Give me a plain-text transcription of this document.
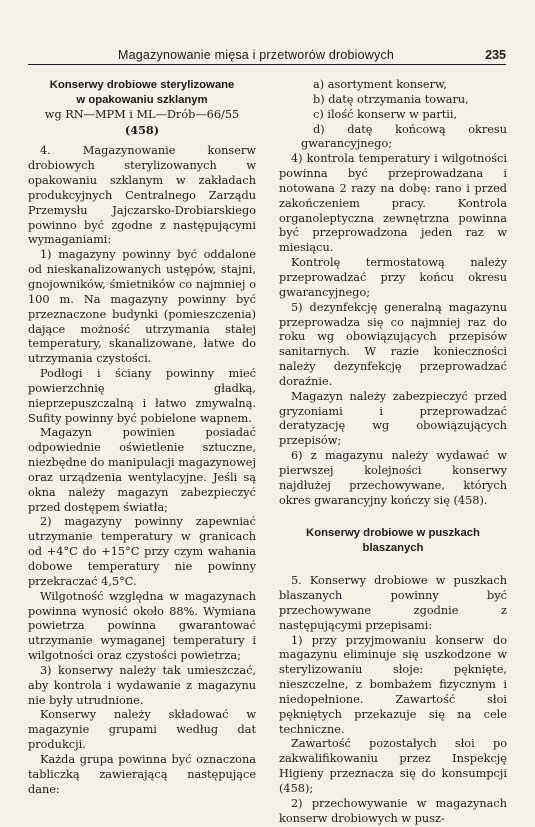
Magazynowanie mięsa i przetworów drobiowych	235

Konserwy drobiowe sterylizowane

w opakowaniu szklanym

wg RN—MPM i ML—Drób—66/55
(458)

4. Magazynowanie konserw drobiowych sterylizowanych w opakowaniu szklanym w zakładach produkcyjnych Centralnego Zarządu Przemysłu Jajczarsko-Drobiarskiego powinno być zgodne z następującymi wymaganiami:

1) magazyny powinny być oddalone od nieskanalizowanych ustępów, stajni, gnojowników, śmietników co najmniej o 100 m. Na magazyny powinny być przeznaczone budynki (pomieszczenia) dające możność utrzymania stałej temperatury, skanalizowane, łatwe do utrzymania czystości.

Podłogi i ściany powinny mieć powierzchnię gładką, nieprzepuszczalną i łatwo zmywalną. Sufity powinny być pobielone wapnem.

Magazyn powinien posiadać odpowiednie oświetlenie sztuczne, niezbędne do manipulacji magazynowej oraz urządzenia wentylacyjne. Jeśli są okna należy magazyn zabezpieczyć przed dostępem światła;

2) magazyny powinny zapewniać utrzymanie temperatury w granicach od +4°C do +15°C przy czym wahania dobowe temperatury nie powinny przekraczać 4,5°C.

Wilgotność względna w magazynach powinna wynosić około 88%. Wymiana powietrza powinna gwarantować utrzymanie wymaganej temperatury i wilgotności oraz czystości powietrza;

3) konserwy należy tak umieszczać, aby kontrola i wydawanie z magazynu nie były utrudnione.

Konserwy należy składować w magazynie grupami według dat produkcji.

Każda grupa powinna być oznaczona tabliczką zawierającą następujące dane:

a) asortyment konserw,

b) datę otrzymania towaru,

c) ilość konserw w partii,

d) datę końcową okresu gwarancyjnego;

4) kontrola temperatury i wilgotności powinna być przeprowadzana i notowana 2 razy na dobę: rano i przed zakończeniem pracy. Kontrola organoleptyczna zewnętrzna powinna być przeprowadzona jeden raz w miesiącu.

Kontrolę termostatową należy przeprowadzać przy końcu okresu gwarancyjnego;

5) dezynfekcję generalną magazynu przeprowadza się co najmniej raz do roku wg obowiązujących przepisów sanitarnych. W razie konieczności należy dezynfekcję przeprowadzać doraźnie.

Magazyn należy zabezpieczyć przed gryzoniami i przeprowadzać deratyzację wg obowiązujących przepisów;

6) z magazynu należy wydawać w pierwszej kolejności konserwy najdłużej przechowywane, których okres gwarancyjny kończy się (458).

Konserwy drobiowe w puszkach

blaszanych

5. Konserwy drobiowe w puszkach blaszanych powinny być przechowywane zgodnie z następującymi przepisami:

1) przy przyjmowaniu konserw do magazynu eliminuje się uszkodzone w sterylizowaniu słoje: pęknięte, nieszczelne, z bombażem fizycznym i niedopełnione. Zawartość słoi pękniętych przekazuje się na cele techniczne.

Zawartość pozostałych słoi po zakwalifikowaniu przez Inspekcję Higieny przeznacza się do konsumpcji (458);

2) przechowywanie w magazynach konserw drobiowych w pusz-
